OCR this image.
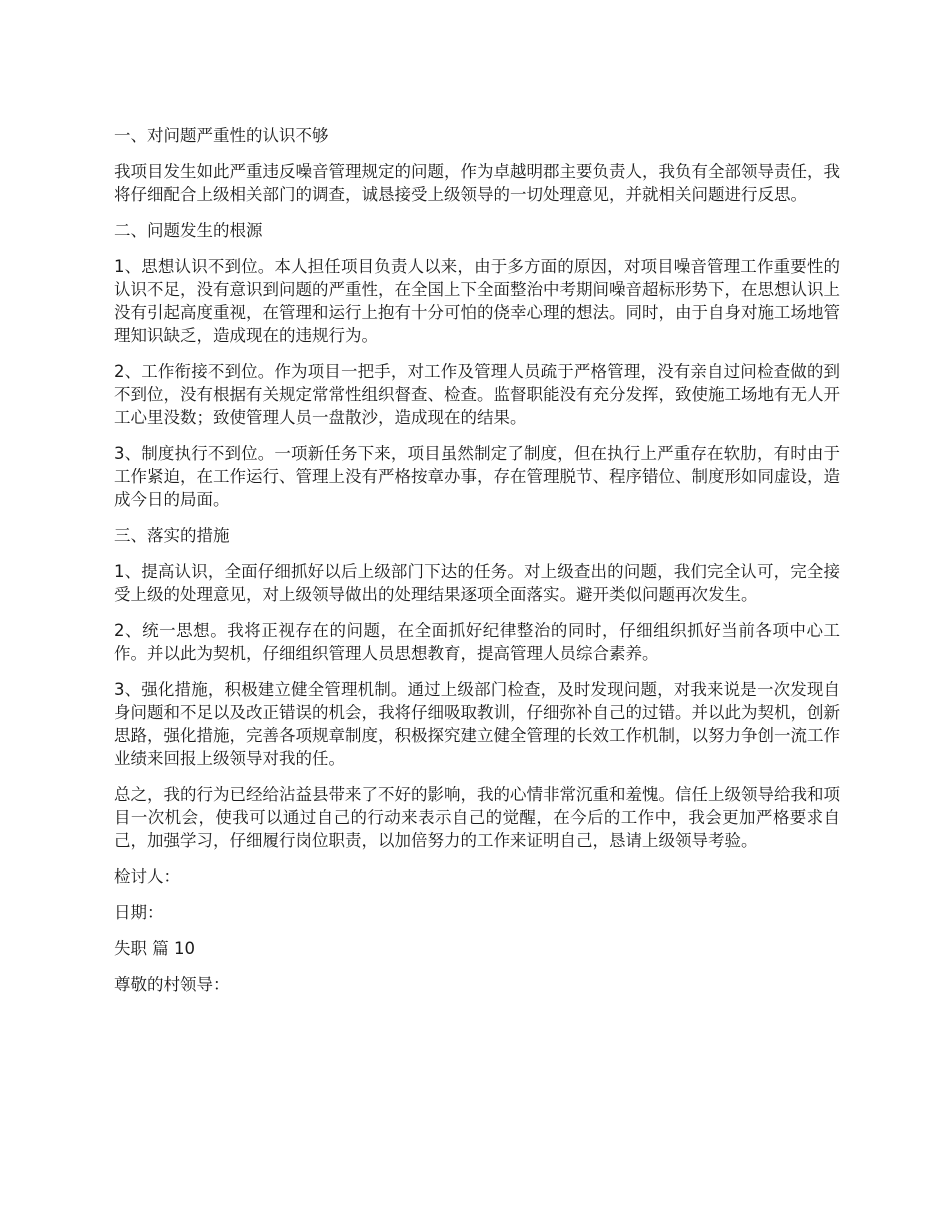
一、对问题严重性的认识不够

我项目发生如此严重违反噪音管理规定的问题，作为卓越明郡主要负责人，我负有全部领导责任，我将仔细配合上级相关部门的调查，诚恳接受上级领导的一切处理意见，并就相关问题进行反思。

二、问题发生的根源

1、思想认识不到位。本人担任项目负责人以来，由于多方面的原因，对项目噪音管理工作重要性的认识不足，没有意识到问题的严重性，在全国上下全面整治中考期间噪音超标形势下，在思想认识上没有引起高度重视，在管理和运行上抱有十分可怕的侥幸心理的想法。同时，由于自身对施工场地管理知识缺乏，造成现在的违规行为。

2、工作衔接不到位。作为项目一把手，对工作及管理人员疏于严格管理，没有亲自过问检查做的到不到位，没有根据有关规定常常性组织督查、检查。监督职能没有充分发挥，致使施工场地有无人开工心里没数；致使管理人员一盘散沙，造成现在的结果。

3、制度执行不到位。一项新任务下来，项目虽然制定了制度，但在执行上严重存在软肋，有时由于工作紧迫，在工作运行、管理上没有严格按章办事，存在管理脱节、程序错位、制度形如同虚设，造成今日的局面。

三、落实的措施

1、提高认识，全面仔细抓好以后上级部门下达的任务。对上级查出的问题，我们完全认可，完全接受上级的处理意见，对上级领导做出的处理结果逐项全面落实。避开类似问题再次发生。

2、统一思想。我将正视存在的问题，在全面抓好纪律整治的同时，仔细组织抓好当前各项中心工作。并以此为契机，仔细组织管理人员思想教育，提高管理人员综合素养。

3、强化措施，积极建立健全管理机制。通过上级部门检查，及时发现问题，对我来说是一次发现自身问题和不足以及改正错误的机会，我将仔细吸取教训，仔细弥补自己的过错。并以此为契机，创新思路，强化措施，完善各项规章制度，积极探究建立健全管理的长效工作机制，以努力争创一流工作业绩来回报上级领导对我的任。

总之，我的行为已经给沾益县带来了不好的影响，我的心情非常沉重和羞愧。信任上级领导给我和项目一次机会，使我可以通过自己的行动来表示自己的觉醒，在今后的工作中，我会更加严格要求自己，加强学习，仔细履行岗位职责，以加倍努力的工作来证明自己，恳请上级领导考验。

检讨人：

日期：

失职 篇 10

尊敬的村领导：
